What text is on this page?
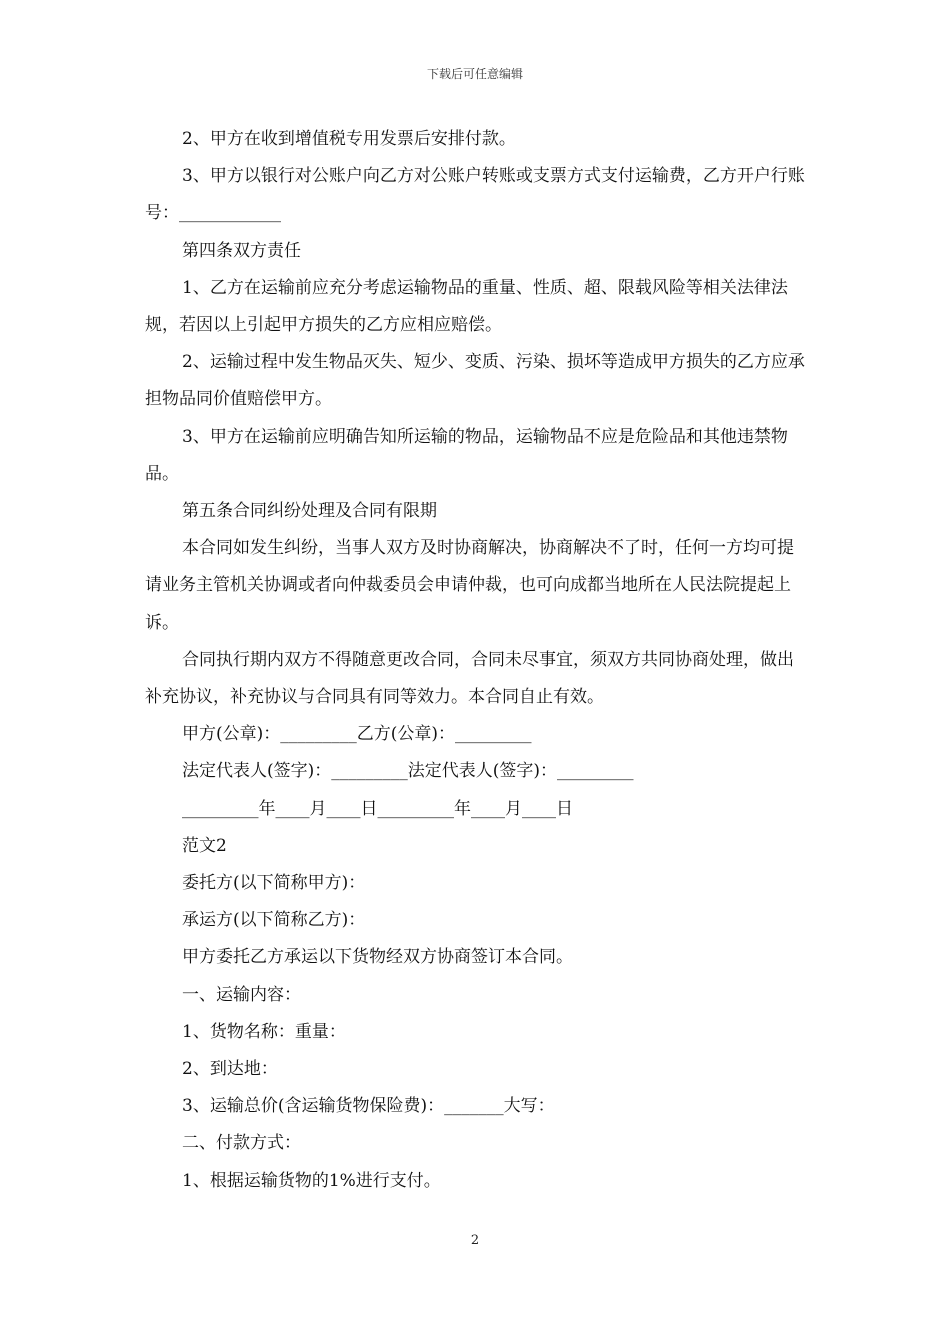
下载后可任意编辑

2、甲方在收到增值税专用发票后安排付款。

3、甲方以银行对公账户向乙方对公账户转账或支票方式支付运输费，乙方开户行账号：____________

第四条双方责任

1、乙方在运输前应充分考虑运输物品的重量、性质、超、限载风险等相关法律法规，若因以上引起甲方损失的乙方应相应赔偿。

2、运输过程中发生物品灭失、短少、变质、污染、损坏等造成甲方损失的乙方应承担物品同价值赔偿甲方。

3、甲方在运输前应明确告知所运输的物品，运输物品不应是危险品和其他违禁物品。

第五条合同纠纷处理及合同有限期

本合同如发生纠纷，当事人双方及时协商解决，协商解决不了时，任何一方均可提请业务主管机关协调或者向仲裁委员会申请仲裁，也可向成都当地所在人民法院提起上诉。

合同执行期内双方不得随意更改合同，合同未尽事宜，须双方共同协商处理，做出补充协议，补充协议与合同具有同等效力。本合同自止有效。

甲方(公章)：_________乙方(公章)：_________

法定代表人(签字)：_________法定代表人(签字)：_________

_________年____月____日_________年____月____日

范文2

委托方(以下简称甲方)：

承运方(以下简称乙方)：

甲方委托乙方承运以下货物经双方协商签订本合同。

一、运输内容：

1、货物名称：重量：

2、到达地：

3、运输总价(含运输货物保险费)：_______大写：

二、付款方式：

1、根据运输货物的1%进行支付。

2
